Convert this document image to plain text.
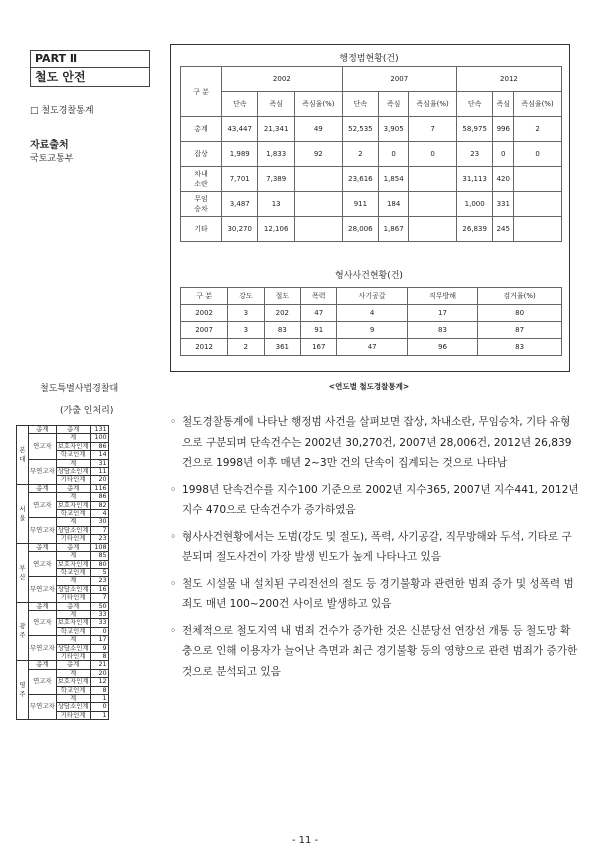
PART Ⅱ
철도 안전
□ 철도경찰통계
자료출처
국토교통부
철도특별사법경찰대
(가출 인처리)
본
대	총계	총계	131
	연고자	계	100
		보호자인계	86
		학교인계	14
	무연고자	계	31
		상담소인계	11
		기타인계	20
서
울	총계	총계	116
	연고자	계	86
		보호자인계	82
		학교인계	4
	무연고자	계	30
		상담소인계	7
		기타인계	23
부
산	총계	총계	108
	연고자	계	85
		보호자인계	80
		학교인계	5
	무연고자	계	23
		상담소인계	16
		기타인계	7
광
주	총계	총계	50
	연고자	계	33
		보호자인계	33
		학교인계	0
	무연고자	계	17
		상담소인계	9
		기타인계	8
영
주	총계	총계	21
	연고자	계	20
		보호자인계	12
		학교인계	8
	무연고자	계	1
		상담소인계	0
		기타인계	1
행정범현황(건)
구 분	2002			2007			2012		
	단속	즉심	즉심율(%)	단속	즉심	즉심율(%)	단속	즉심	즉심율(%)
총계	43,447	21,341	49	52,535	3,905	7	58,975	996	2
잡상	1,989	1,833	92	2	0	0	23	0	0
차내
소란	7,701	7,389		23,616	1,854		31,113	420	
무임
승차	3,487	13		911	184		1,000	331	
기타	30,270	12,106		28,006	1,867		26,839	245	
형사사건현황(건)
구 분	강도	절도	폭력	사기공갈	직무방해	검거율(%)
2002	3	202	47	4	17	80
2007	3	83	91	9	83	87
2012	2	361	167	47	96	83
<연도별 철도경찰통계>
◦ 철도경찰통계에 나타난 행정범 사건을 살펴보면 잡상, 차내소란, 무임승차, 기타 유형으로 구분되며 단속건수는 2002년 30,270건, 2007년 28,006건, 2012년 26,839건으로 1998년 이후 매년 2~3만 건의 단속이 집계되는 것으로 나타남
◦ 1998년 단속건수를 지수100 기준으로 2002년 지수365, 2007년 지수441, 2012년 지수 470으로 단속건수가 증가하였음
◦ 형사사건현황에서는 도범(강도 및 절도), 폭력, 사기공갈, 직무방해와 두석, 기타로 구분되며 절도사건이 가장 발생 빈도가 높게 나타나고 있음
◦ 철도 시설물 내 설치된 구리전선의 절도 등 경기불황과 관련한 범죄 증가 및 성폭력 범죄도 매년 100~200건 사이로 발생하고 있음
◦ 전체적으로 철도지역 내 범죄 건수가 증가한 것은 신분당선 연장선 개통 등 철도망 확충으로 인해 이용자가 늘어난 측면과 최근 경기불황 등의 영향으로 관련 범죄가 증가한 것으로 분석되고 있음
- 11 -
